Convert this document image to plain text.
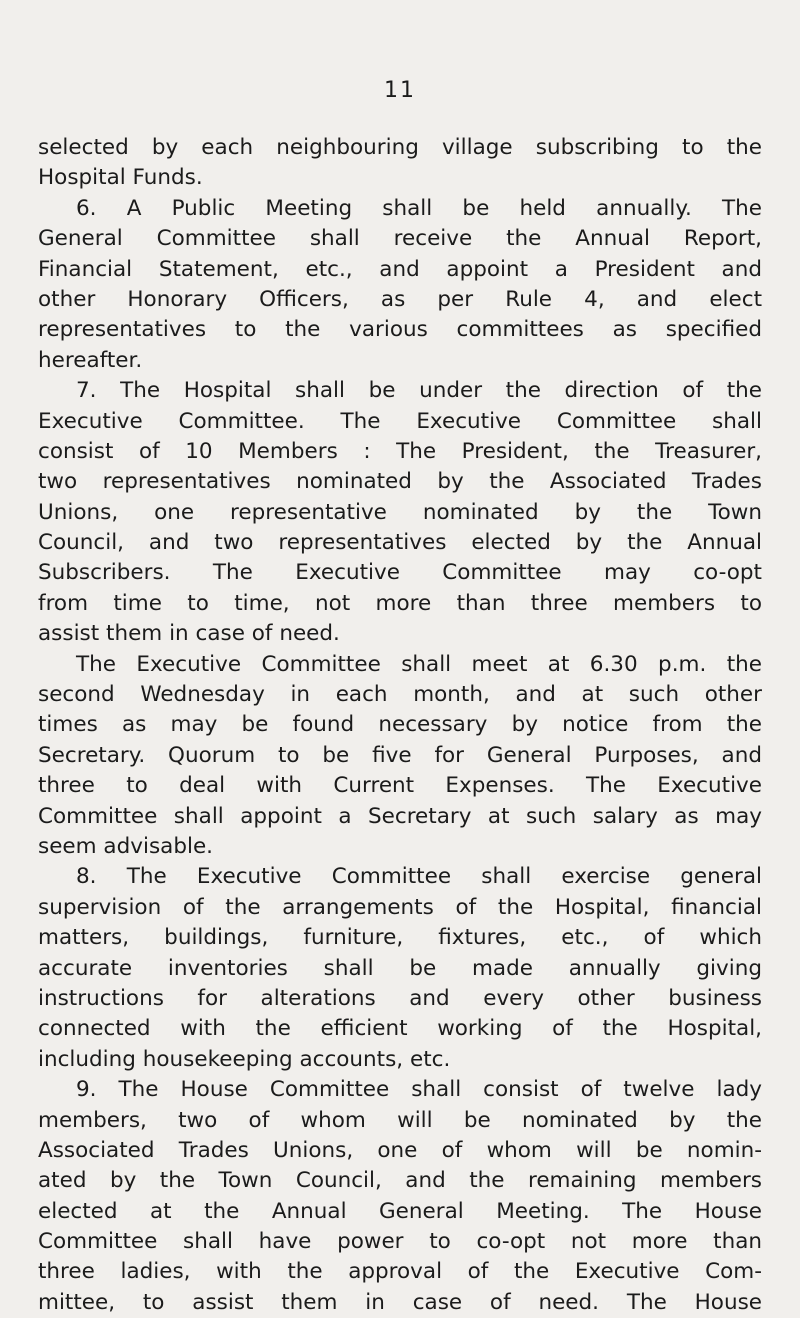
11
selected by each neighbouring village subscribing to the
Hospital Funds.
6. A Public Meeting shall be held annually. The
General Committee shall receive the Annual Report,
Financial Statement, etc., and appoint a President and
other Honorary Officers, as per Rule 4, and elect
representatives to the various committees as specified
hereafter.
7. The Hospital shall be under the direction of the
Executive Committee. The Executive Committee shall
consist of 10 Members : The President, the Treasurer,
two representatives nominated by the Associated Trades
Unions, one representative nominated by the Town
Council, and two representatives elected by the Annual
Subscribers. The Executive Committee may co-opt
from time to time, not more than three members to
assist them in case of need.
The Executive Committee shall meet at 6.30 p.m. the
second Wednesday in each month, and at such other
times as may be found necessary by notice from the
Secretary. Quorum to be five for General Purposes, and
three to deal with Current Expenses. The Executive
Committee shall appoint a Secretary at such salary as may
seem advisable.
8. The Executive Committee shall exercise general
supervision of the arrangements of the Hospital, financial
matters, buildings, furniture, fixtures, etc., of which
accurate inventories shall be made annually giving
instructions for alterations and every other business
connected with the efficient working of the Hospital,
including housekeeping accounts, etc.
9. The House Committee shall consist of twelve lady
members, two of whom will be nominated by the
Associated Trades Unions, one of whom will be nomin-
ated by the Town Council, and the remaining members
elected at the Annual General Meeting. The House
Committee shall have power to co-opt not more than
three ladies, with the approval of the Executive Com-
mittee, to assist them in case of need. The House
